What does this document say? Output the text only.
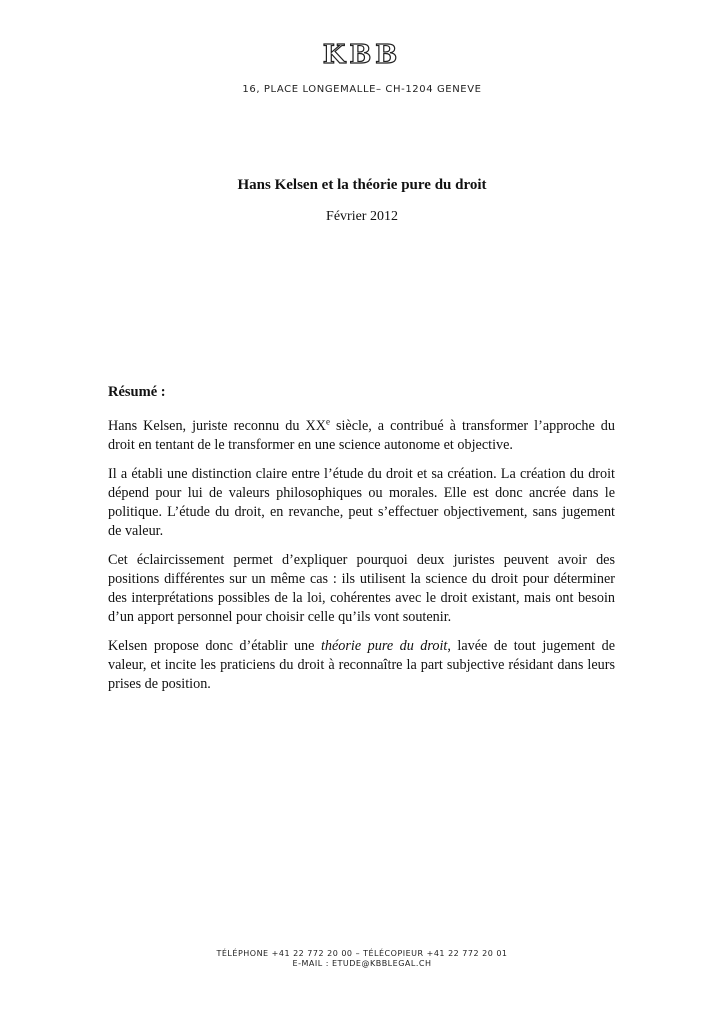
KBB
16, PLACE LONGEMALLE– CH-1204 GENEVE
Hans Kelsen et la théorie pure du droit
Février 2012
Résumé :

Hans Kelsen, juriste reconnu du XXe siècle, a contribué à transformer l’approche du droit en tentant de le transformer en une science autonome et objective.

Il a établi une distinction claire entre l’étude du droit et sa création. La création du droit dépend pour lui de valeurs philosophiques ou morales. Elle est donc ancrée dans le politique. L’étude du droit, en revanche, peut s’effectuer objectivement, sans jugement de valeur.

Cet éclaircissement permet d’expliquer pourquoi deux juristes peuvent avoir des positions différentes sur un même cas : ils utilisent la science du droit pour déterminer des interprétations possibles de la loi, cohérentes avec le droit existant, mais ont besoin d’un apport personnel pour choisir celle qu’ils vont soutenir.

Kelsen propose donc d’établir une théorie pure du droit, lavée de tout jugement de valeur, et incite les praticiens du droit à reconnaître la part subjective résidant dans leurs prises de position.

TÉLÉPHONE +41 22 772 20 00 – TÉLÉCOPIEUR +41 22 772 20 01
E-MAIL : ETUDE@KBBLEGAL.CH
